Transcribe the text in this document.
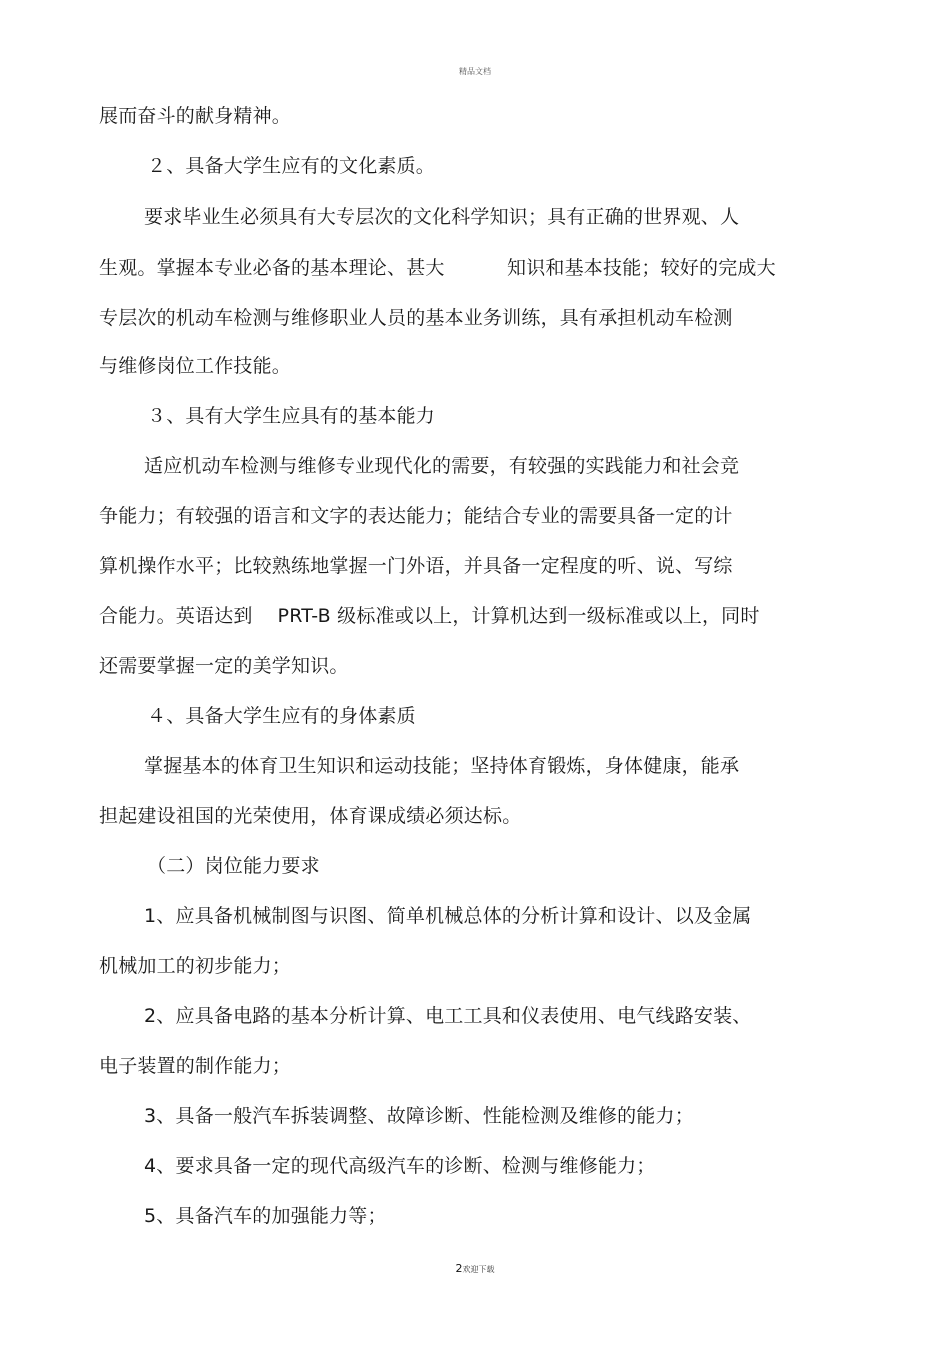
精品文档
展而奋斗的献身精神。
２、具备大学生应有的文化素质。
要求毕业生必须具有大专层次的文化科学知识；具有正确的世界观、人
生观。掌握本专业必备的基本理论、甚大          知识和基本技能；较好的完成大
专层次的机动车检测与维修职业人员的基本业务训练，具有承担机动车检测
与维修岗位工作技能。
３、具有大学生应具有的基本能力
适应机动车检测与维修专业现代化的需要，有较强的实践能力和社会竞
争能力；有较强的语言和文字的表达能力；能结合专业的需要具备一定的计
算机操作水平；比较熟练地掌握一门外语，并具备一定程度的听、说、写综
合能力。英语达到    PRT-B 级标准或以上，计算机达到一级标准或以上，同时
还需要掌握一定的美学知识。
４、具备大学生应有的身体素质
掌握基本的体育卫生知识和运动技能；坚持体育锻炼，身体健康，能承
担起建设祖国的光荣使用，体育课成绩必须达标。
（二）岗位能力要求
1、应具备机械制图与识图、简单机械总体的分析计算和设计、以及金属
机械加工的初步能力；
2、应具备电路的基本分析计算、电工工具和仪表使用、电气线路安装、
电子装置的制作能力；
3、具备一般汽车拆装调整、故障诊断、性能检测及维修的能力；
4、要求具备一定的现代高级汽车的诊断、检测与维修能力；
5、具备汽车的加强能力等；
2欢迎下载
